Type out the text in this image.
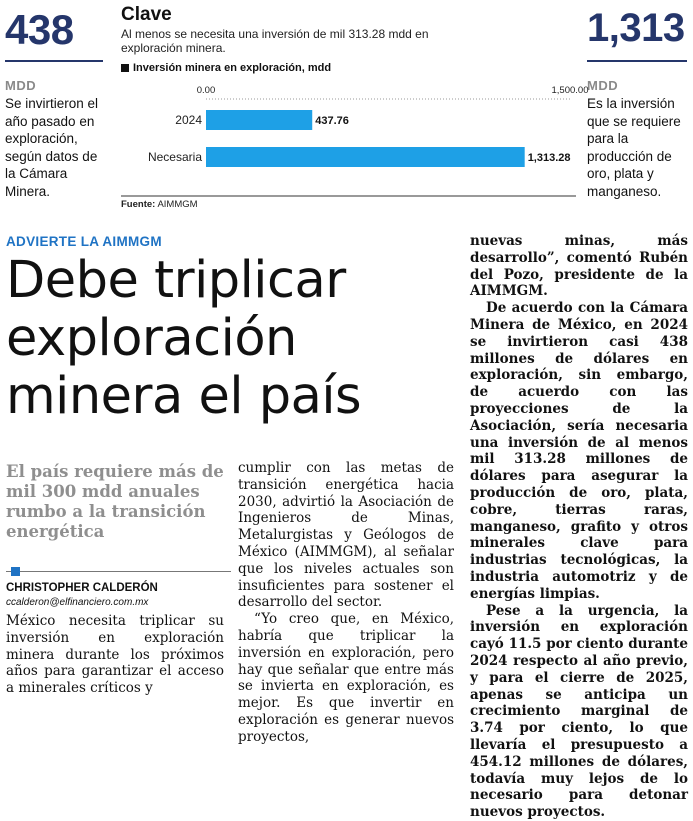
438
MDD
Se invirtieron el año pasado en exploración, según datos de la Cámara Minera.
1,313
MDD
Es la inversión que se requiere para la producción de oro, plata y manganeso.
Clave
Al menos se necesita una inversión de mil 313.28 mdd en exploración minera.
Inversión minera en exploración, mdd
0.00	1,500.00
2024	437.76
Necesaria	1,313.28
Fuente: AIMMGM
ADVIERTE LA AIMMGM
Debe triplicar exploración minera el país
El país requiere más de mil 300 mdd anuales rumbo a la transición energética
CHRISTOPHER CALDERÓN
ccalderon@elfinanciero.com.mx

México necesita triplicar su inversión en exploración minera durante los próximos años para garantizar el acceso a minerales críticos y

cumplir con las metas de transición energética hacia 2030, advirtió la Asociación de Ingenieros de Minas, Metalurgistas y Geólogos de México (AIMMGM), al señalar que los niveles actuales son insuficientes para sostener el desarrollo del sector.

“Yo creo que, en México, habría que triplicar la inversión en exploración, pero hay que señalar que entre más se invierta en exploración, es mejor. Es que invertir en exploración es generar nuevos proyectos,

nuevas minas, más desarrollo”, comentó Rubén del Pozo, presidente de la AIMMGM.

De acuerdo con la Cámara Minera de México, en 2024 se invirtieron casi 438 millones de dólares en exploración, sin embargo, de acuerdo con las proyecciones de la Asociación, sería necesaria una inversión de al menos mil 313.28 millones de dólares para asegurar la producción de oro, plata, cobre, tierras raras, manganeso, grafito y otros minerales clave para industrias tecnológicas, la industria automotriz y de energías limpias.

Pese a la urgencia, la inversión en exploración cayó 11.5 por ciento durante 2024 respecto al año previo, y para el cierre de 2025, apenas se anticipa un crecimiento marginal de 3.74 por ciento, lo que llevaría el presupuesto a 454.12 millones de dólares, todavía muy lejos de lo necesario para detonar nuevos proyectos.
